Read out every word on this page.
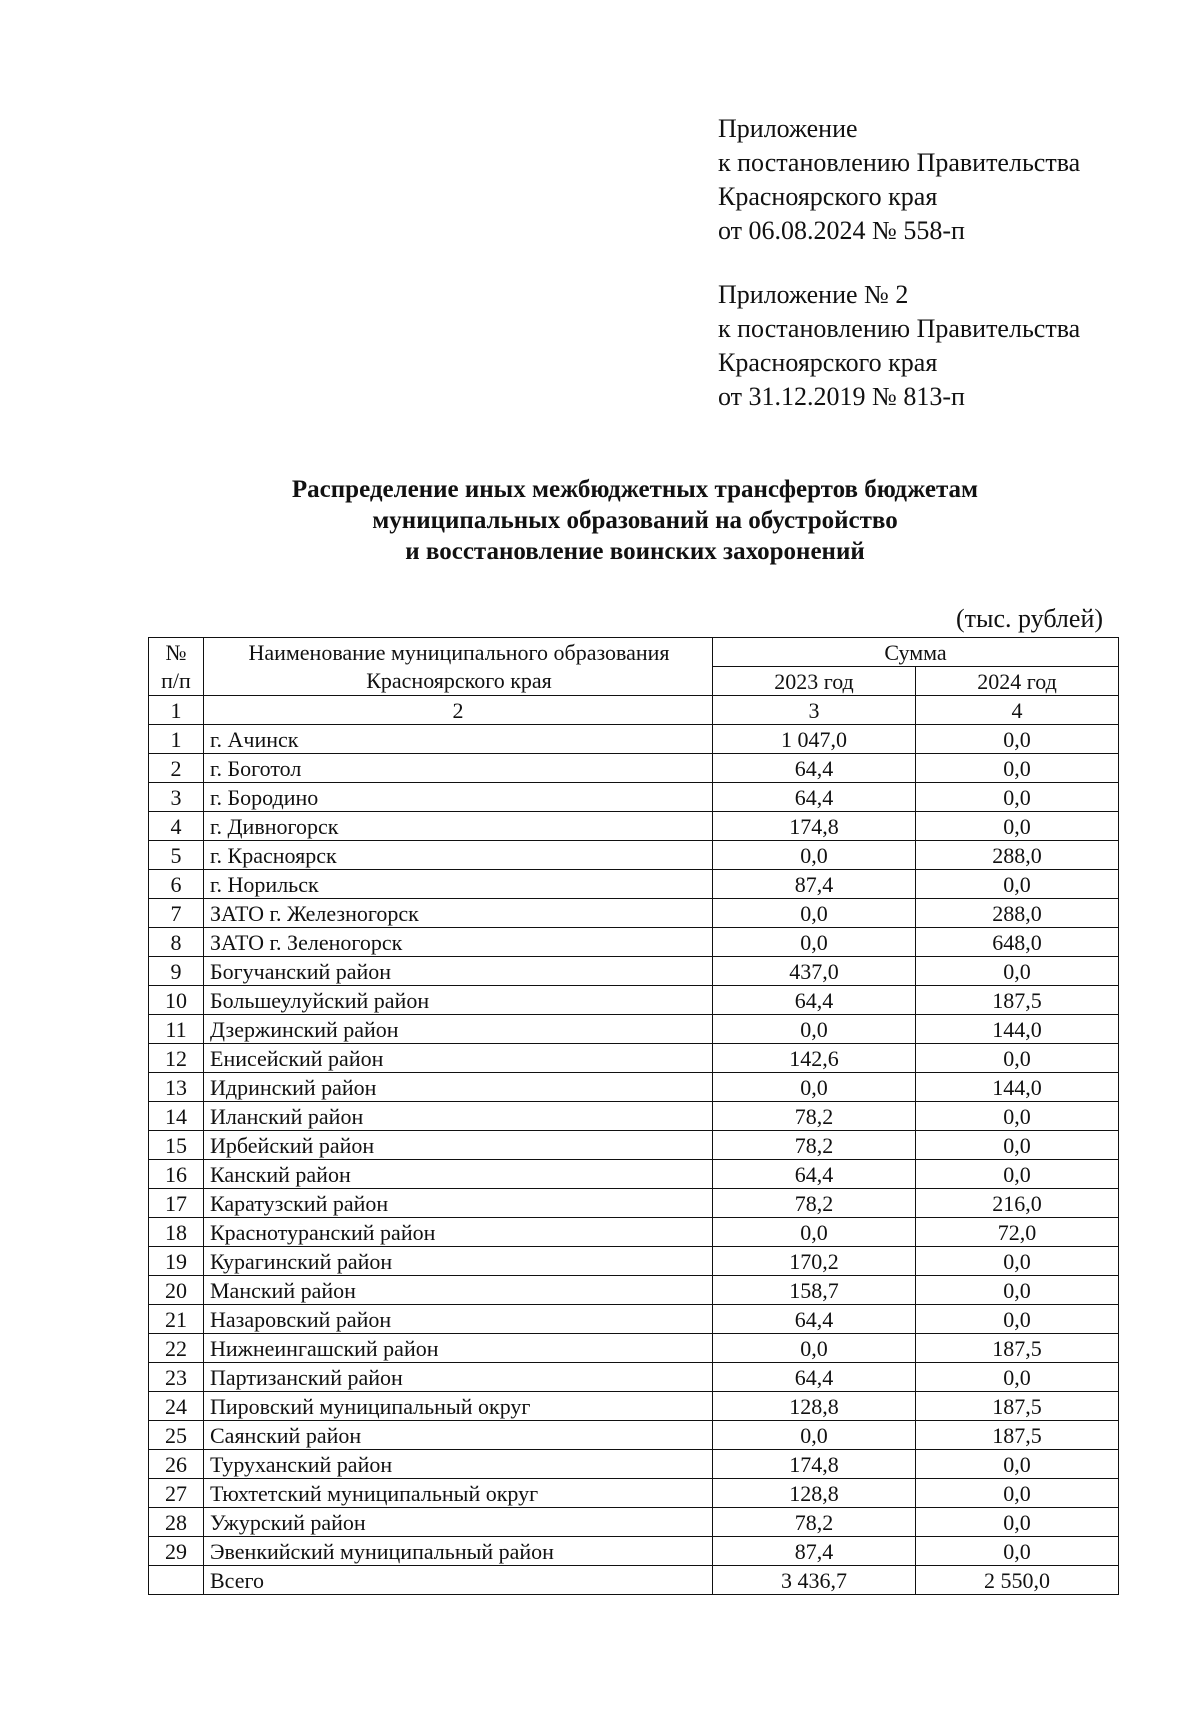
Приложение
к постановлению Правительства
Красноярского края
от 06.08.2024 № 558-п
Приложение № 2
к постановлению Правительства
Красноярского края
от 31.12.2019 № 813-п
Распределение иных межбюджетных трансфертов бюджетам
муниципальных образований на обустройство
и восстановление воинских захоронений
(тыс. рублей)
№	Наименование муниципального образования	Сумма	
п/п	Красноярского края	2023 год	2024 год
1	2	3	4
1	г. Ачинск	1 047,0	0,0
2	г. Боготол	64,4	0,0
3	г. Бородино	64,4	0,0
4	г. Дивногорск	174,8	0,0
5	г. Красноярск	0,0	288,0
6	г. Норильск	87,4	0,0
7	ЗАТО г. Железногорск	0,0	288,0
8	ЗАТО г. Зеленогорск	0,0	648,0
9	Богучанский район	437,0	0,0
10	Большеулуйский район	64,4	187,5
11	Дзержинский район	0,0	144,0
12	Енисейский район	142,6	0,0
13	Идринский район	0,0	144,0
14	Иланский район	78,2	0,0
15	Ирбейский район	78,2	0,0
16	Канский район	64,4	0,0
17	Каратузский район	78,2	216,0
18	Краснотуранский район	0,0	72,0
19	Курагинский район	170,2	0,0
20	Манский район	158,7	0,0
21	Назаровский район	64,4	0,0
22	Нижнеингашский район	0,0	187,5
23	Партизанский район	64,4	0,0
24	Пировский муниципальный округ	128,8	187,5
25	Саянский район	0,0	187,5
26	Туруханский район	174,8	0,0
27	Тюхтетский муниципальный округ	128,8	0,0
28	Ужурский район	78,2	0,0
29	Эвенкийский муниципальный район	87,4	0,0
	Всего	3 436,7	2 550,0
